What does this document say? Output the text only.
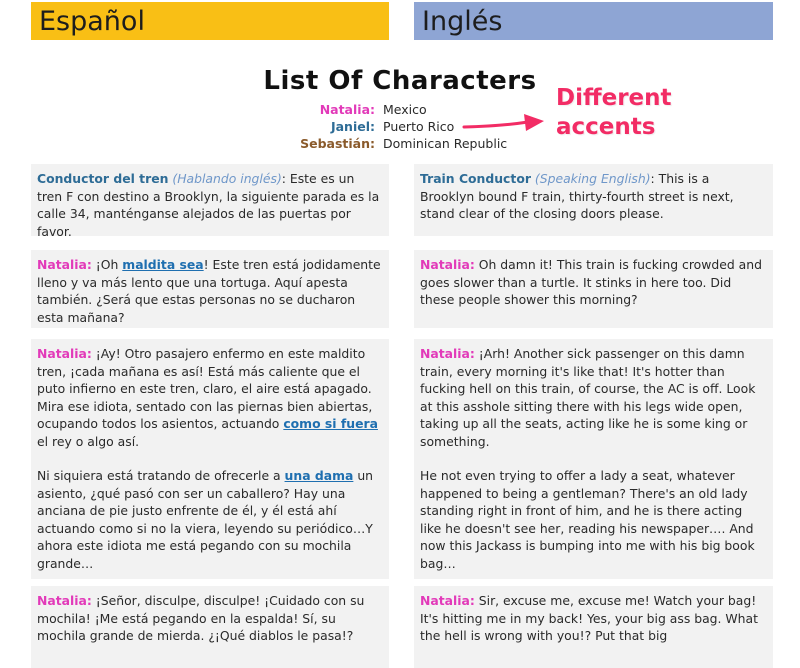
Español	Inglés
List Of Characters
Natalia: Mexico
Janiel: Puerto Rico
Sebastián: Dominican Republic
Different
accents

Conductor del tren (Hablando inglés): Este es un tren F con destino a Brooklyn, la siguiente parada es la calle 34, manténganse alejados de las puertas por favor.

Train Conductor (Speaking English): This is a Brooklyn bound F train, thirty-fourth street is next, stand clear of the closing doors please.

Natalia: ¡Oh maldita sea! Este tren está jodidamente lleno y va más lento que una tortuga. Aquí apesta también. ¿Será que estas personas no se ducharon esta mañana?

Natalia: Oh damn it! This train is fucking crowded and goes slower than a turtle. It stinks in here too. Did these people shower this morning?

Natalia: ¡Ay! Otro pasajero enfermo en este maldito tren, ¡cada mañana es así! Está más caliente que el puto infierno en este tren, claro, el aire está apagado. Mira ese idiota, sentado con las piernas bien abiertas, ocupando todos los asientos, actuando como si fuera el rey o algo así.

Ni siquiera está tratando de ofrecerle a una dama un asiento, ¿qué pasó con ser un caballero? Hay una anciana de pie justo enfrente de él, y él está ahí actuando como si no la viera, leyendo su periódico…Y ahora este idiota me está pegando con su mochila grande…

Natalia: ¡Arh! Another sick passenger on this damn train, every morning it's like that! It's hotter than fucking hell on this train, of course, the AC is off. Look at this asshole sitting there with his legs wide open, taking up all the seats, acting like he is some king or something.

He not even trying to offer a lady a seat, whatever happened to being a gentleman? There's an old lady standing right in front of him, and he is there acting like he doesn't see her, reading his newspaper…. And now this Jackass is bumping into me with his big book bag…

Natalia: ¡Señor, disculpe, disculpe! ¡Cuidado con su mochila! ¡Me está pegando en la espalda! Sí, su mochila grande de mierda. ¿¡Qué diablos le pasa!?

Natalia: Sir, excuse me, excuse me! Watch your bag! It's hitting me in my back! Yes, your big ass bag. What the hell is wrong with you!? Put that big
